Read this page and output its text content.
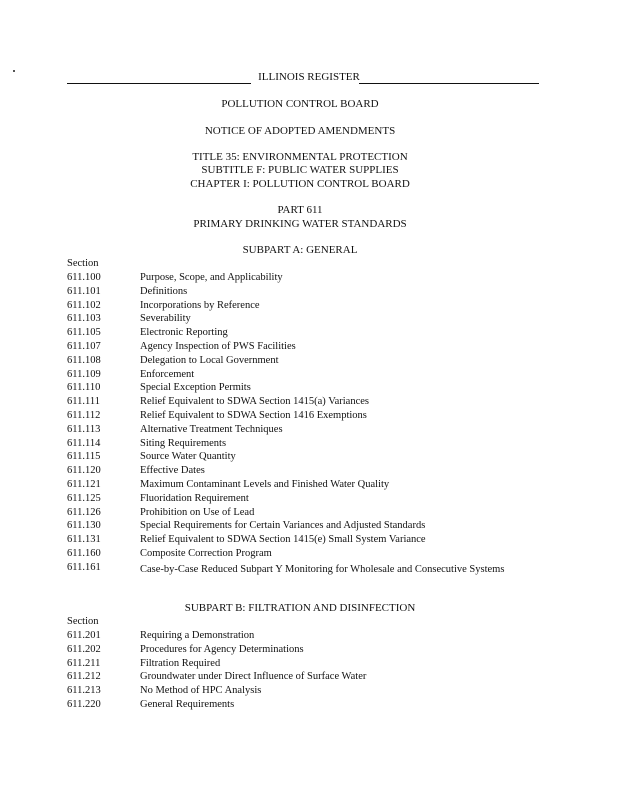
ILLINOIS REGISTER
POLLUTION CONTROL BOARD
NOTICE OF ADOPTED AMENDMENTS
TITLE 35: ENVIRONMENTAL PROTECTION
SUBTITLE F: PUBLIC WATER SUPPLIES
CHAPTER I: POLLUTION CONTROL BOARD
PART 611
PRIMARY DRINKING WATER STANDARDS
SUBPART A: GENERAL
Section
611.100	Purpose, Scope, and Applicability
611.101	Definitions
611.102	Incorporations by Reference
611.103	Severability
611.105	Electronic Reporting
611.107	Agency Inspection of PWS Facilities
611.108	Delegation to Local Government
611.109	Enforcement
611.110	Special Exception Permits
611.111	Relief Equivalent to SDWA Section 1415(a) Variances
611.112	Relief Equivalent to SDWA Section 1416 Exemptions
611.113	Alternative Treatment Techniques
611.114	Siting Requirements
611.115	Source Water Quantity
611.120	Effective Dates
611.121	Maximum Contaminant Levels and Finished Water Quality
611.125	Fluoridation Requirement
611.126	Prohibition on Use of Lead
611.130	Special Requirements for Certain Variances and Adjusted Standards
611.131	Relief Equivalent to SDWA Section 1415(e) Small System Variance
611.160	Composite Correction Program
611.161	Case-by-Case Reduced Subpart Y Monitoring for Wholesale and Consecutive Systems
SUBPART B: FILTRATION AND DISINFECTION
Section
611.201	Requiring a Demonstration
611.202	Procedures for Agency Determinations
611.211	Filtration Required
611.212	Groundwater under Direct Influence of Surface Water
611.213	No Method of HPC Analysis
611.220	General Requirements
